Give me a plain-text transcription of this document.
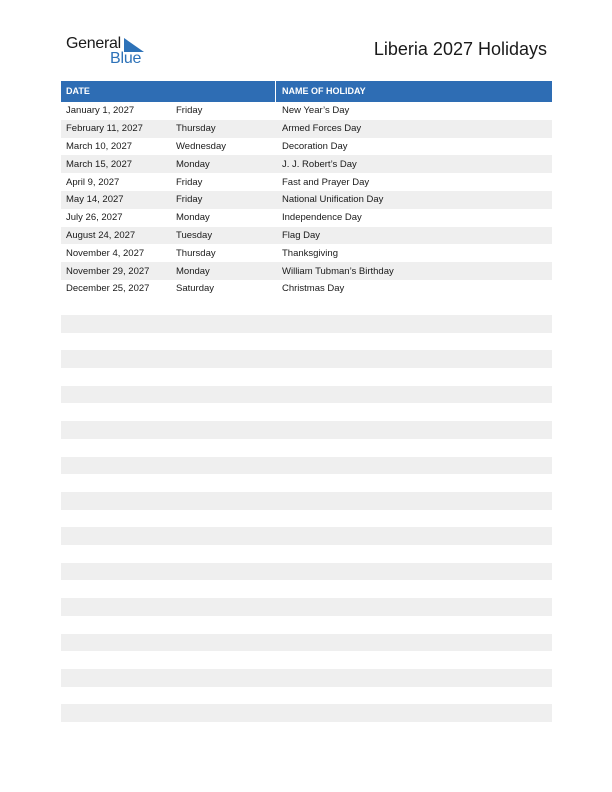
General
Blue	Liberia 2027 Holidays
DATE	NAME OF HOLIDAY
January 1, 2027	Friday	New Year’s Day
February 11, 2027	Thursday	Armed Forces Day
March 10, 2027	Wednesday	Decoration Day
March 15, 2027	Monday	J. J. Robert’s Day
April 9, 2027	Friday	Fast and Prayer Day
May 14, 2027	Friday	National Unification Day
July 26, 2027	Monday	Independence Day
August 24, 2027	Tuesday	Flag Day
November 4, 2027	Thursday	Thanksgiving
November 29, 2027	Monday	William Tubman’s Birthday
December 25, 2027	Saturday	Christmas Day
